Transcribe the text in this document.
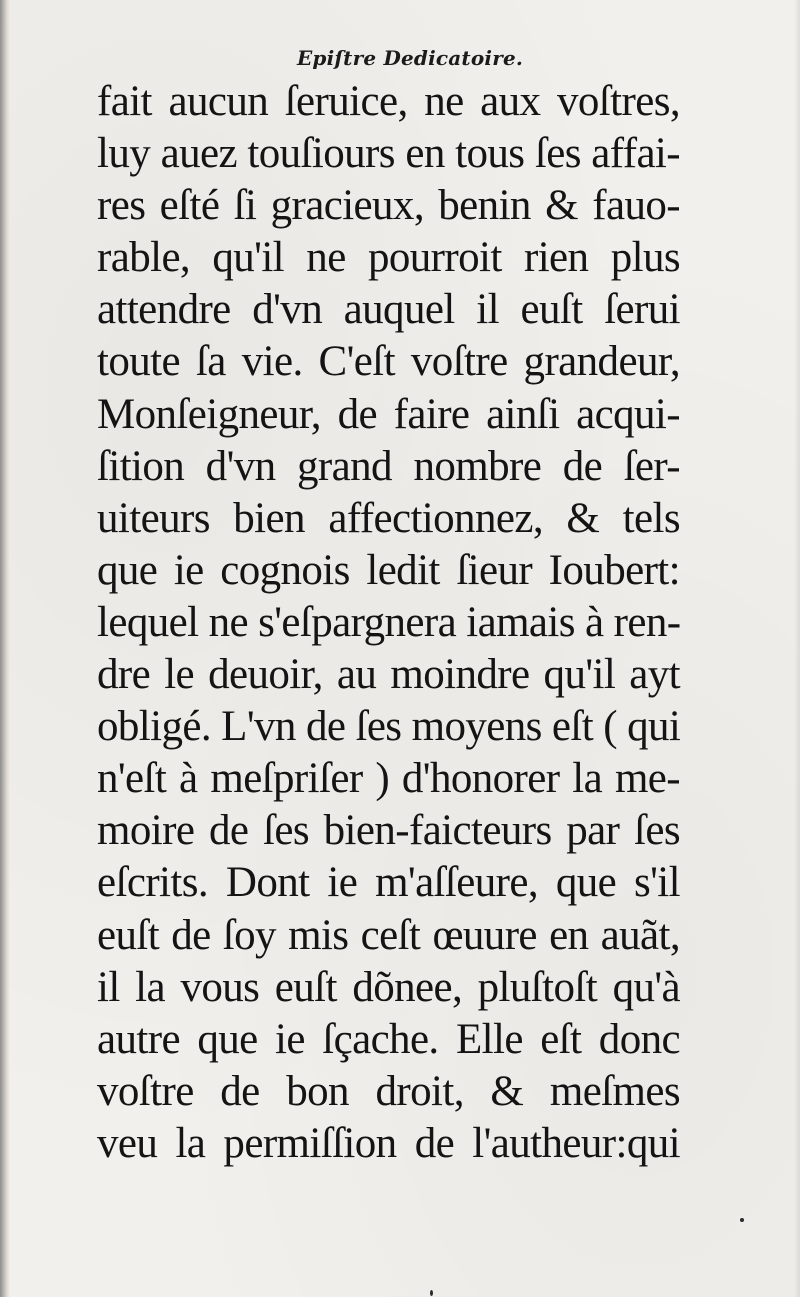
Epiſtre Dedicatoire.
fait aucun ſeruice, ne aux voſtres,
luy auez touſiours en tous ſes affai-
res eſté ſi gracieux, benin & fauo-
rable, qu'il ne pourroit rien plus
attendre d'vn auquel il euſt ſerui
toute ſa vie. C'eſt voſtre grandeur,
Monſeigneur, de faire ainſi acqui-
ſition d'vn grand nombre de ſer-
uiteurs bien affectionnez, & tels
que ie cognois ledit ſieur Ioubert:
lequel ne s'eſpargnera iamais à ren-
dre le deuoir, au moindre qu'il ayt
obligé. L'vn de ſes moyens eſt ( qui
n'eſt à meſpriſer ) d'honorer la me-
moire de ſes bien-faicteurs par ſes
eſcrits. Dont ie m'aſſeure, que s'il
euſt de ſoy mis ceſt œuure en auãt,
il la vous euſt dõnee, pluſtoſt qu'à
autre que ie ſçache. Elle eſt donc
voſtre de bon droit, & meſmes
veu la permiſſion de l'autheur:qui
